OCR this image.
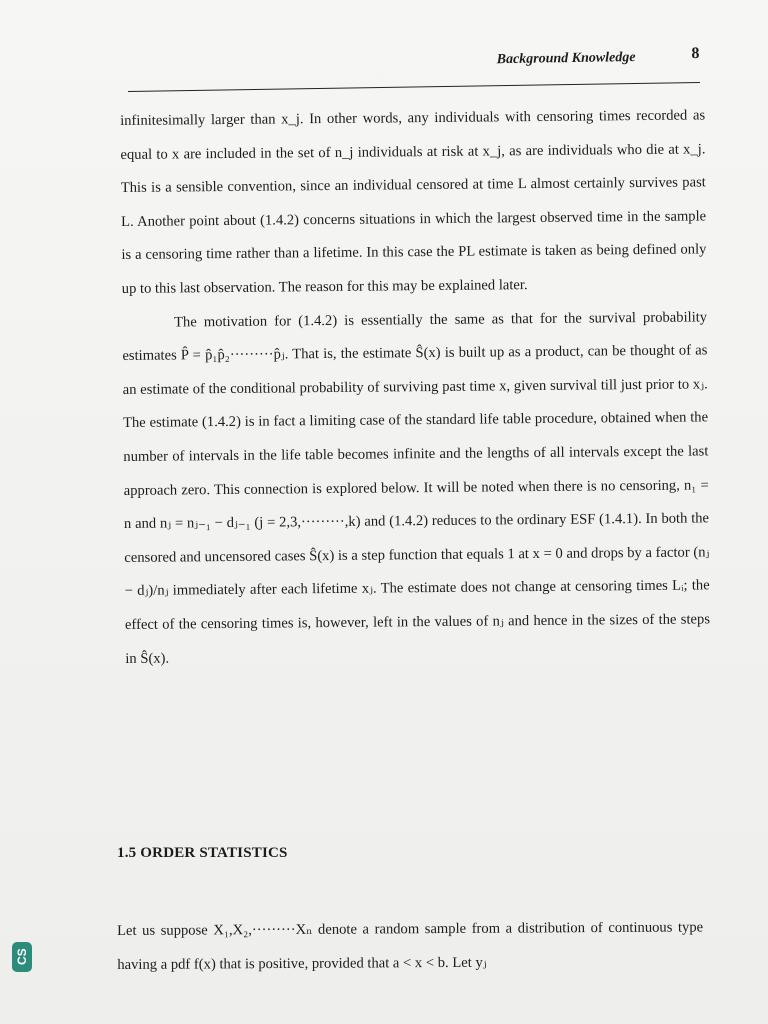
Background Knowledge	8

infinitesimally larger than x_j. In other words, any individuals with censoring times recorded as equal to x are included in the set of n_j individuals at risk at x_j, as are individuals who die at x_j. This is a sensible convention, since an individual censored at time L almost certainly survives past L. Another point about (1.4.2) concerns situations in which the largest observed time in the sample is a censoring time rather than a lifetime. In this case the PL estimate is taken as being defined only up to this last observation. The reason for this may be explained later.

The motivation for (1.4.2) is essentially the same as that for the survival probability estimates P̂ = p̂₁p̂₂·········p̂ⱼ. That is, the estimate Ŝ(x) is built up as a product, can be thought of as an estimate of the conditional probability of surviving past time x, given survival till just prior to xⱼ. The estimate (1.4.2) is in fact a limiting case of the standard life table procedure, obtained when the number of intervals in the life table becomes infinite and the lengths of all intervals except the last approach zero. This connection is explored below. It will be noted when there is no censoring, n₁ = n and nⱼ = nⱼ₋₁ − dⱼ₋₁ (j = 2,3,·········,k) and (1.4.2) reduces to the ordinary ESF (1.4.1). In both the censored and uncensored cases Ŝ(x) is a step function that equals 1 at x = 0 and drops by a factor (nⱼ − dⱼ)/nⱼ immediately after each lifetime xⱼ. The estimate does not change at censoring times Lᵢ; the effect of the censoring times is, however, left in the values of nⱼ and hence in the sizes of the steps in Ŝ(x).

1.5 ORDER STATISTICS

Let us suppose X₁,X₂,·········Xₙ denote a random sample from a distribution of continuous type having a pdf f(x) that is positive, provided that a < x < b. Let yⱼ

CS
